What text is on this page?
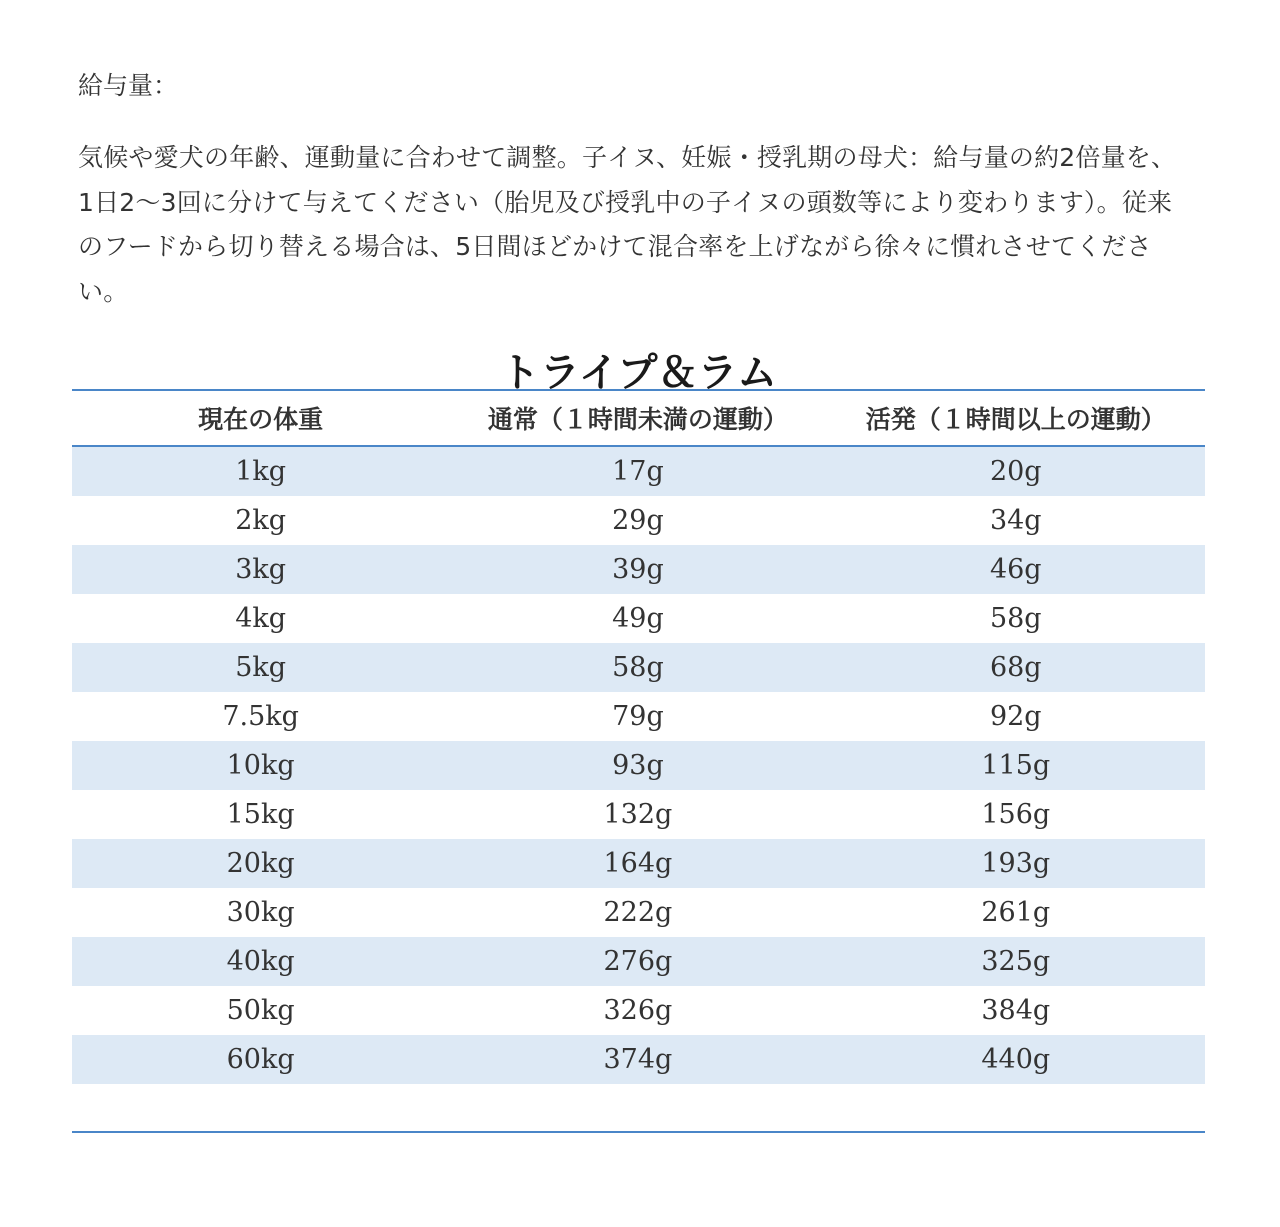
給与量：

気候や愛犬の年齢、運動量に合わせて調整。子イヌ、妊娠・授乳期の母犬：給与量の約2倍量を、1日2〜3回に分けて与えてください（胎児及び授乳中の子イヌの頭数等により変わります）。従来のフードから切り替える場合は、5日間ほどかけて混合率を上げながら徐々に慣れさせてください。

トライプ＆ラム
現在の体重	通常（１時間未満の運動）	活発（１時間以上の運動）
1kg	17g	20g
2kg	29g	34g
3kg	39g	46g
4kg	49g	58g
5kg	58g	68g
7.5kg	79g	92g
10kg	93g	115g
15kg	132g	156g
20kg	164g	193g
30kg	222g	261g
40kg	276g	325g
50kg	326g	384g
60kg	374g	440g
